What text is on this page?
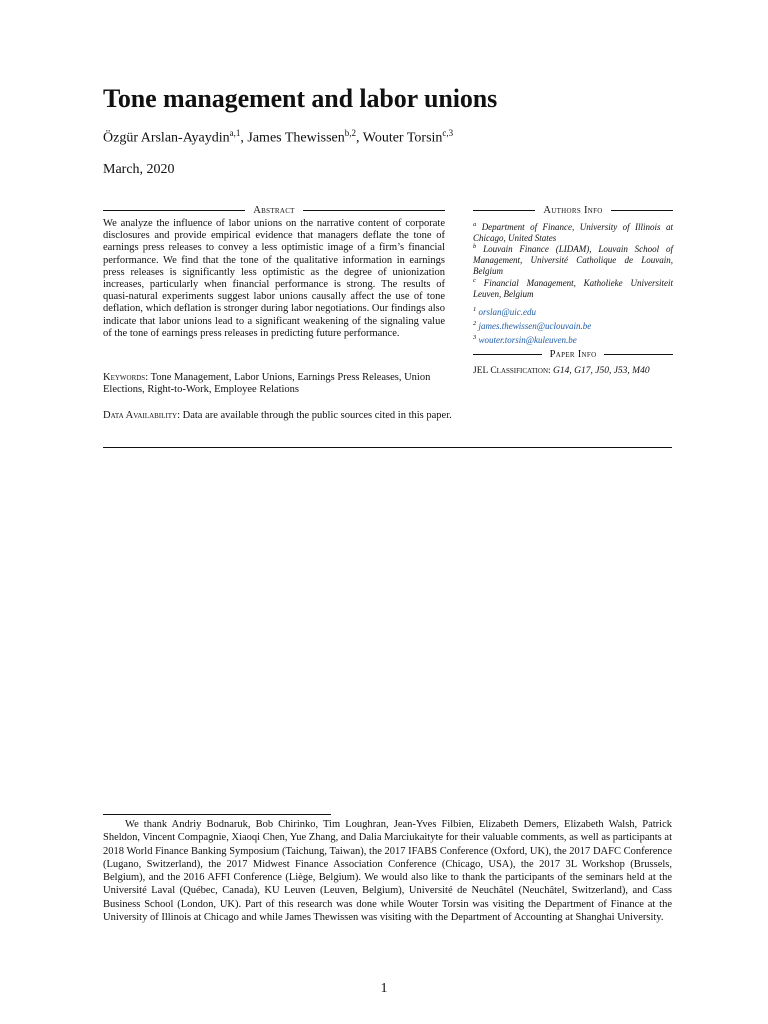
Tone management and labor unions
Özgür Arslan-Ayaydin$^{a,1}$, James Thewissen$^{b,2}$, Wouter Torsin$^{c,3}$
March, 2020
Abstract
We analyze the influence of labor unions on the narrative content of corporate disclosures and provide empirical evidence that managers deflate the tone of earnings press releases to convey a less optimistic image of a firm’s financial performance. We find that the tone of the qualitative information in earnings press releases is significantly less optimistic as the degree of unionization increases, particularly when financial performance is strong. The results of quasi-natural experiments suggest labor unions causally affect the use of tone deflation, which deflation is stronger during labor negotiations. Our findings also indicate that labor unions lead to a significant weakening of the signaling value of the tone of earnings press releases in predicting future performance.
Keywords: Tone Management, Labor Unions, Earnings Press Releases, Union Elections, Right-to-Work, Employee Relations
Authors Info
$^a$ Department of Finance, University of Illinois at Chicago, United States
$^b$ Louvain Finance (LIDAM), Louvain School of Management, Université Catholique de Louvain, Belgium
$^c$ Financial Management, Katholieke Universiteit Leuven, Belgium
$^1$ orslan@uic.edu
$^2$ james.thewissen@uclouvain.be
$^3$ wouter.torsin@kuleuven.be
Paper Info
JEL Classification: G14, G17, J50, J53, M40
Data Availability: Data are available through the public sources cited in this paper.
We thank Andriy Bodnaruk, Bob Chirinko, Tim Loughran, Jean-Yves Filbien, Elizabeth Demers, Elizabeth Walsh, Patrick Sheldon, Vincent Compagnie, Xiaoqi Chen, Yue Zhang, and Dalia Marciukaityte for their valuable comments, as well as participants at 2018 World Finance Banking Symposium (Taichung, Taiwan), the 2017 IFABS Conference (Oxford, UK), the 2017 DAFC Conference (Lugano, Switzerland), the 2017 Midwest Finance Association Conference (Chicago, USA), the 2017 3L Workshop (Brussels, Belgium), and the 2016 AFFI Conference (Liège, Belgium). We would also like to thank the participants of the seminars held at the Université Laval (Québec, Canada), KU Leuven (Leuven, Belgium), Université de Neuchâtel (Neuchâtel, Switzerland), and Cass Business School (London, UK). Part of this research was done while Wouter Torsin was visiting the Department of Finance at the University of Illinois at Chicago and while James Thewissen was visiting with the Department of Accounting at Shanghai University.
1
